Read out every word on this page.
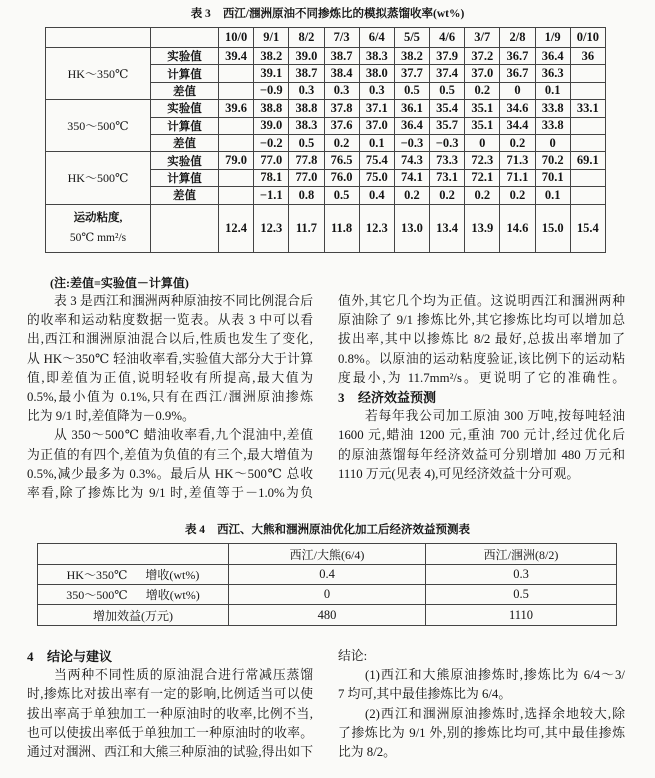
表 3 西江/涠洲原油不同掺炼比的模拟蒸馏收率(wt%)
		10/0	9/1	8/2	7/3	6/4	5/5	4/6	3/7	2/8	1/9	0/10
HK～350℃	实验值	39.4	38.2	39.0	38.7	38.3	38.2	37.9	37.2	36.7	36.4	36
	计算值		39.1	38.7	38.4	38.0	37.7	37.4	37.0	36.7	36.3	
	差值		−0.9	0.3	0.3	0.3	0.5	0.5	0.2	0	0.1	
350～500℃	实验值	39.6	38.8	38.8	37.8	37.1	36.1	35.4	35.1	34.6	33.8	33.1
	计算值		39.0	38.3	37.6	37.0	36.4	35.7	35.1	34.4	33.8	
	差值		−0.2	0.5	0.2	0.1	−0.3	−0.3	0	0.2	0	
HK～500℃	实验值	79.0	77.0	77.8	76.5	75.4	74.3	73.3	72.3	71.3	70.2	69.1
	计算值		78.1	77.0	76.0	75.0	74.1	73.1	72.1	71.1	70.1	
	差值		−1.1	0.8	0.5	0.4	0.2	0.2	0.2	0.2	0.1	

运动粘度,
50℃ mm²/s		12.4	12.3	11.7	11.8	12.3	13.0	13.4	13.9	14.6	15.0	15.4
(注:差值=实验值－计算值)
表 3 是西江和涠洲两种原油按不同比例混合后
的收率和运动粘度数据一览表。从表 3 中可以看
出,西江和涠洲原油混合以后,性质也发生了变化,
从 HK～350℃ 轻油收率看,实验值大部分大于计算
值,即差值为正值,说明轻收有所提高,最大值为
0.5%,最小值为 0.1%,只有在西江/涠洲原油掺炼
比为 9/1 时,差值降为－0.9%。
从 350～500℃ 蜡油收率看,九个混油中,差值
为正值的有四个,差值为负值的有三个,最大增值为
0.5%,减少最多为 0.3%。最后从 HK～500℃ 总收
率看,除了掺炼比为 9/1 时,差值等于－1.0%为负
值外,其它几个均为正值。这说明西江和涠洲两种
原油除了 9/1 掺炼比外,其它掺炼比均可以增加总
拔出率,其中以掺炼比 8/2 最好,总拔出率增加了
0.8%。以原油的运动粘度验证,该比例下的运动粘
度最小,为 11.7mm²/s。更说明了它的准确性。
3 经济效益预测
若每年我公司加工原油 300 万吨,按每吨轻油
1600 元,蜡油 1200 元,重油 700 元计,经过优化后
的原油蒸馏每年经济效益可分别增加 480 万元和
1110 万元(见表 4),可见经济效益十分可观。
表 4 西江、大熊和涠洲原油优化加工后经济效益预测表
	西江/大熊(6/4)	西江/涠洲(8/2)
HK～350℃ 增收(wt%)	0.4	0.3
350～500℃ 增收(wt%)	0	0.5
增加效益(万元)	480	1110
4 结论与建议
当两种不同性质的原油混合进行常减压蒸馏
时,掺炼比对拔出率有一定的影响,比例适当可以使
拔出率高于单独加工一种原油时的收率,比例不当,
也可以使拔出率低于单独加工一种原油时的收率。
通过对涠洲、西江和大熊三种原油的试验,得出如下
结论:
(1)西江和大熊原油掺炼时,掺炼比为 6/4～3/
7 均可,其中最佳掺炼比为 6/4。
(2)西江和涠洲原油掺炼时,选择余地较大,除
了掺炼比为 9/1 外,别的掺炼比均可,其中最佳掺炼
比为 8/2。
